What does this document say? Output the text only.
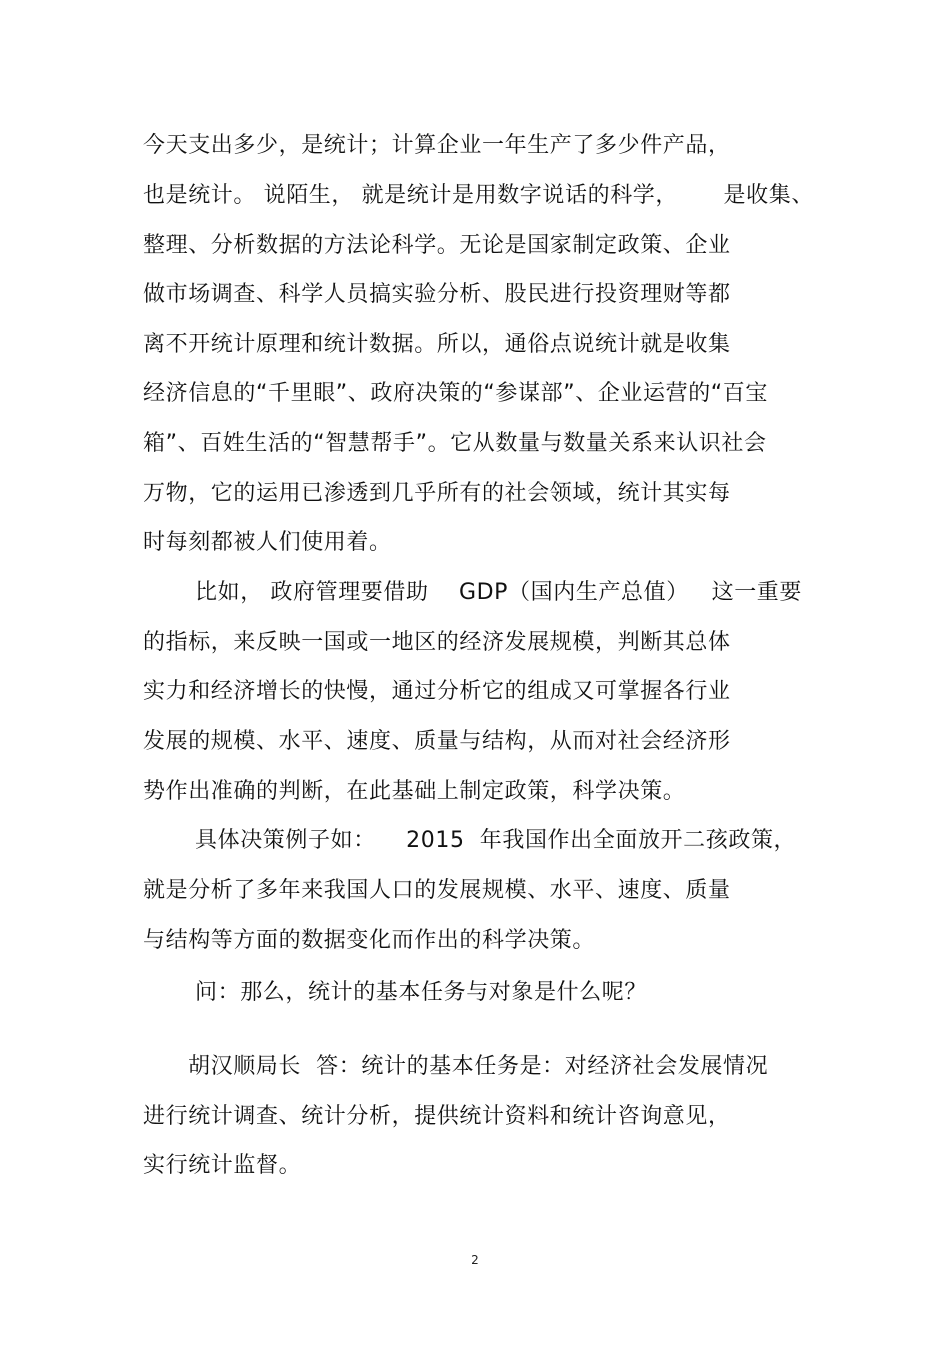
今天支出多少，是统计；计算企业一年生产了多少件产品，
也是统计。 说陌生， 就是统计是用数字说话的科学，      是收集、
整理、分析数据的方法论科学。无论是国家制定政策、企业
做市场调查、科学人员搞实验分析、股民进行投资理财等都
离不开统计原理和统计数据。所以，通俗点说统计就是收集
经济信息的“千里眼”、政府决策的“参谋部”、企业运营的“百宝
箱”、百姓生活的“智慧帮手”。它从数量与数量关系来认识社会
万物，它的运用已渗透到几乎所有的社会领域，统计其实每
时每刻都被人们使用着。
比如， 政府管理要借助    GDP（国内生产总值）   这一重要
的指标，来反映一国或一地区的经济发展规模，判断其总体
实力和经济增长的快慢，通过分析它的组成又可掌握各行业
发展的规模、水平、速度、质量与结构，从而对社会经济形
势作出准确的判断，在此基础上制定政策，科学决策。
具体决策例子如：    2015  年我国作出全面放开二孩政策，
就是分析了多年来我国人口的发展规模、水平、速度、质量
与结构等方面的数据变化而作出的科学决策。
问：那么，统计的基本任务与对象是什么呢？
胡汉顺局长  答：统计的基本任务是：对经济社会发展情况
进行统计调查、统计分析，提供统计资料和统计咨询意见，
实行统计监督。
2
